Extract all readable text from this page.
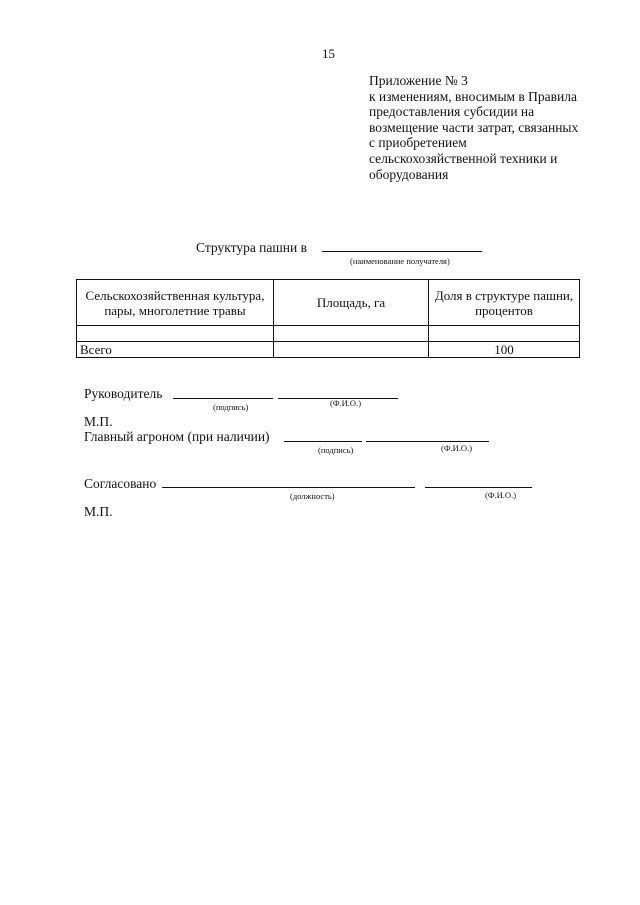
15
Приложение № 3
к изменениям, вносимым в Правила
предоставления субсидии на
возмещение части затрат, связанных
с приобретением
сельскохозяйственной техники и
оборудования
Структура пашни в
(наименование получателя)
Сельскохозяйственная культура, пары, многолетние травы	Площадь, га	Доля в структуре пашни, процентов

Всего		100
Руководитель
(подпись)	(Ф.И.О.)
М.П.
Главный агроном (при наличии)
(подпись)	(Ф.И.О.)
Согласовано
(должность)	(Ф.И.О.)
М.П.
